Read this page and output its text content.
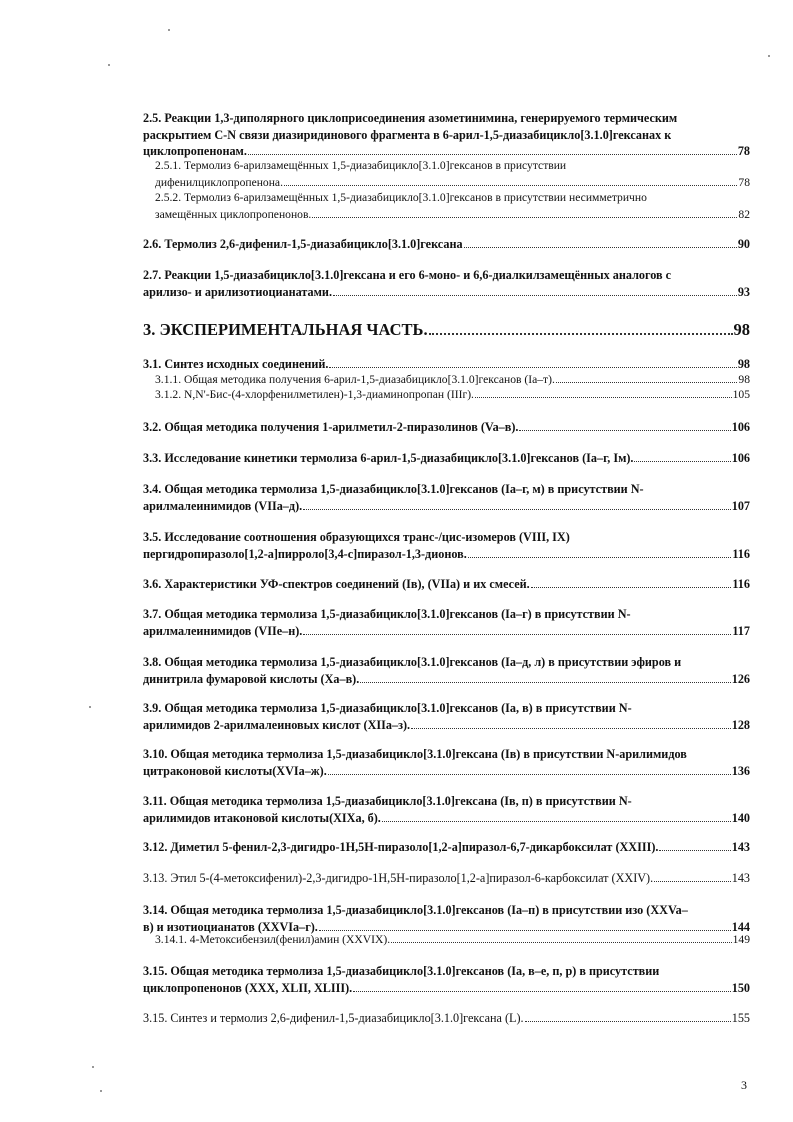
2.5. Реакции 1,3-диполярного циклоприсоединения азометинимина, генерируемого термическим
раскрытием C-N связи диазиридинового фрагмента в 6-арил-1,5-диазабицикло[3.1.0]гексанах к
циклопропенонам.	78
2.5.1. Термолиз 6-арилзамещённых 1,5-диазабицикло[3.1.0]гексанов в присутствии
дифенилциклопропенона.	78
2.5.2. Термолиз 6-арилзамещённых 1,5-диазабицикло[3.1.0]гексанов в присутствии несимметрично
замещённых циклопропенонов.	82
2.6. Термолиз 2,6-дифенил-1,5-диазабицикло[3.1.0]гексана	90
2.7. Реакции 1,5-диазабицикло[3.1.0]гексана и его 6-моно- и 6,6-диалкилзамещённых аналогов с
арилизо- и арилизотиоцианатами.	93
3. ЭКСПЕРИМЕНТАЛЬНАЯ ЧАСТЬ.	98
3.1. Синтез исходных соединений.	98
3.1.1. Общая методика получения 6-арил-1,5-диазабицикло[3.1.0]гексанов (Ia–т).	98
3.1.2. N,N'-Бис-(4-хлорфенилметилен)-1,3-диаминопропан (IIIг).	105
3.2. Общая методика получения 1-арилметил-2-пиразолинов (Va–в).	106
3.3. Исследование кинетики термолиза 6-арил-1,5-диазабицикло[3.1.0]гексанов (Ia–г, Iм).	106
3.4. Общая методика термолиза 1,5-диазабицикло[3.1.0]гексанов (Ia–г, м) в присутствии N-
арилмалеинимидов (VIIa–д).	107
3.5. Исследование соотношения образующихся транс-/цис-изомеров (VIII, IX)
пергидропиразоло[1,2-a]пирроло[3,4-c]пиразол-1,3-дионов.	116
3.6. Характеристики УФ-спектров соединений (Iв), (VIIa) и их смесей.	116
3.7. Общая методика термолиза 1,5-диазабицикло[3.1.0]гексанов (Ia–г) в присутствии N-
арилмалеинимидов (VIIe–н).	117
3.8. Общая методика термолиза 1,5-диазабицикло[3.1.0]гексанов (Ia–д, л) в присутствии эфиров и
динитрила фумаровой кислоты (Xa–в).	126
3.9. Общая методика термолиза 1,5-диазабицикло[3.1.0]гексанов (Ia, в) в присутствии N-
арилимидов 2-арилмалеиновых кислот (XIIa–з).	128
3.10. Общая методика термолиза 1,5-диазабицикло[3.1.0]гексана (Iв) в присутствии N-арилимидов
цитраконовой кислоты(XVIa–ж).	136
3.11. Общая методика термолиза 1,5-диазабицикло[3.1.0]гексана (Iв, п) в присутствии N-
арилимидов итаконовой кислоты(XIXa, б).	140
3.12. Диметил 5-фенил-2,3-дигидро-1H,5H-пиразоло[1,2-a]пиразол-6,7-дикарбоксилат (XXIII).	143
3.13. Этил 5-(4-метоксифенил)-2,3-дигидро-1H,5H-пиразоло[1,2-a]пиразол-6-карбоксилат (XXIV).	143
3.14. Общая методика термолиза 1,5-диазабицикло[3.1.0]гексанов (Ia–п) в присутствии изо (XXVa–
в) и изотиоцианатов (XXVIa–г).	144
3.14.1. 4-Метоксибензил(фенил)амин (XXVIX).	149
3.15. Общая методика термолиза 1,5-диазабицикло[3.1.0]гексанов (Ia, в–е, п, р) в присутствии
циклопропенонов (XXX, XLII, XLIII).	150
3.15. Синтез и термолиз 2,6-дифенил-1,5-диазабицикло[3.1.0]гексана (L).	155
3
